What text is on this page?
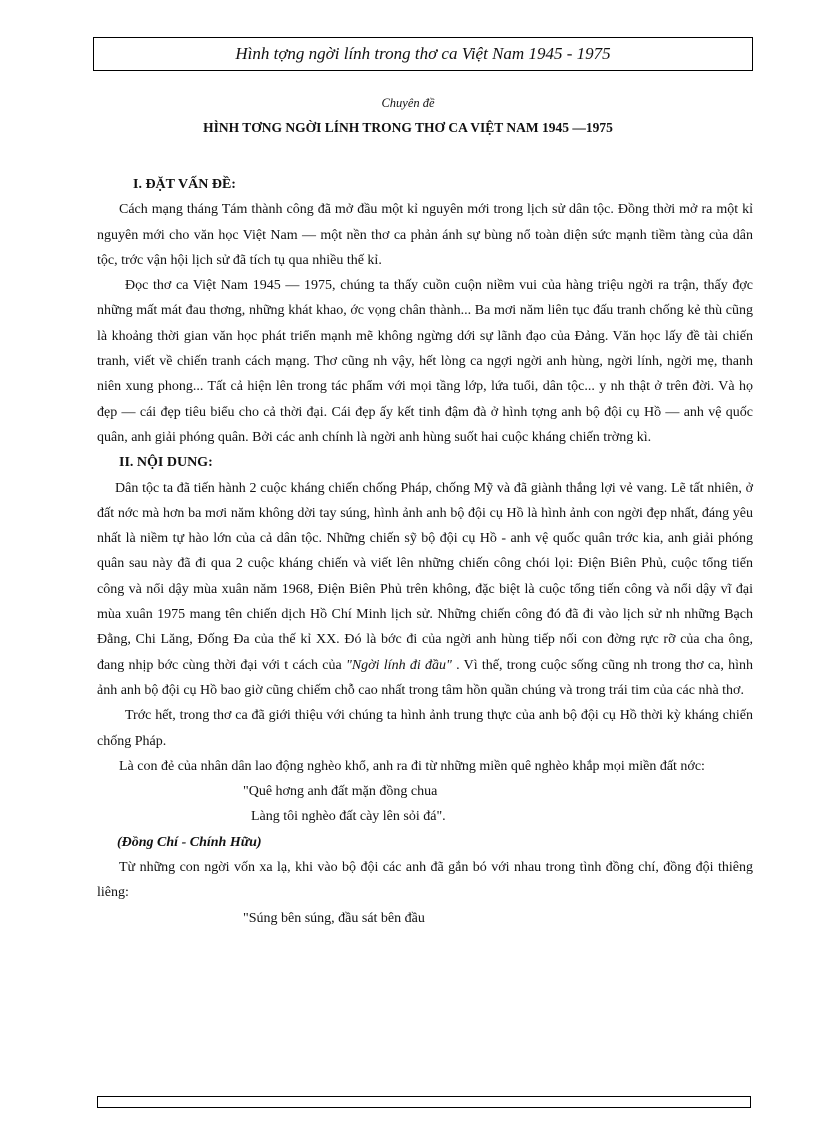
Hình tợng ngời lính trong thơ ca Việt Nam 1945 - 1975
Chuyên đề
HÌNH TƠNG NGỜI LÍNH TRONG THƠ CA VIỆT NAM 1945 —1975

I. ĐẶT VẤN ĐỀ:

Cách mạng tháng Tám thành công đã mở đầu một kỉ nguyên mới trong lịch sử dân tộc. Đồng thời mở ra một kỉ nguyên mới cho văn học Việt Nam — một nền thơ ca phản ánh sự bùng nổ toàn diện sức mạnh tiềm tàng của dân tộc, trớc vận hội lịch sử đã tích tụ qua nhiều thế kỉ.

Đọc thơ ca Việt Nam 1945 — 1975, chúng ta thấy cuồn cuộn niềm vui của hàng triệu ngời ra trận, thấy đợc những mất mát đau thơng, những khát khao, ớc vọng chân thành... Ba mơi năm liên tục đấu tranh chống kẻ thù cũng là khoảng thời gian văn học phát triển mạnh mẽ không ngừng dới sự lãnh đạo của Đảng. Văn học lấy đề tài chiến tranh, viết về chiến tranh cách mạng. Thơ cũng nh vậy, hết lòng ca ngợi ngời anh hùng, ngời lính, ngời mẹ, thanh niên xung phong... Tất cả hiện lên trong tác phẩm với mọi tầng lớp, lứa tuổi, dân tộc... y nh thật ở trên đời. Và họ đẹp — cái đẹp tiêu biểu cho cả thời đại. Cái đẹp ấy kết tinh đậm đà ở hình tợng anh bộ đội cụ Hồ — anh vệ quốc quân, anh giải phóng quân. Bởi các anh chính là ngời anh hùng suốt hai cuộc kháng chiến trờng kì.

II. NỘI DUNG:

Dân tộc ta đã tiến hành 2 cuộc kháng chiến chống Pháp, chống Mỹ và đã giành thắng lợi vẻ vang. Lẽ tất nhiên, ở đất nớc mà hơn ba mơi năm không dời tay súng, hình ảnh anh bộ đội cụ Hồ là hình ảnh con ngời đẹp nhất, đáng yêu nhất là niềm tự hào lớn của cả dân tộc. Những chiến sỹ bộ đội cụ Hồ - anh vệ quốc quân trớc kia, anh giải phóng quân sau này đã đi qua 2 cuộc kháng chiến và viết lên những chiến công chói lọi: Điện Biên Phủ, cuộc tổng tiến công và nổi dậy mùa xuân năm 1968, Điện Biên Phủ trên không, đặc biệt là cuộc tổng tiến công và nổi dậy vĩ đại mùa xuân 1975 mang tên chiến dịch Hồ Chí Minh lịch sử. Những chiến công đó đã đi vào lịch sử nh những Bạch Đằng, Chi Lăng, Đống Đa của thế kỉ XX. Đó là bớc đi của ngời anh hùng tiếp nối con đờng rực rỡ của cha ông, đang nhịp bớc cùng thời đại với t cách của "Ngời lính đi đầu" . Vì thế, trong cuộc sống cũng nh trong thơ ca, hình ảnh anh bộ đội cụ Hồ bao giờ cũng chiếm chỗ cao nhất trong tâm hồn quần chúng và trong trái tim của các nhà thơ.

Trớc hết, trong thơ ca đã giới thiệu với chúng ta hình ảnh trung thực của anh bộ đội cụ Hồ thời kỳ kháng chiến chống Pháp.

Là con đẻ của nhân dân lao động nghèo khổ, anh ra đi từ những miền quê nghèo khắp mọi miền đất nớc:

"Quê hơng anh đất mặn đồng chua

Làng tôi nghèo đất cày lên sỏi đá".

(Đồng Chí - Chính Hữu)

Từ những con ngời vốn xa lạ, khi vào bộ đội các anh đã gắn bó với nhau trong tình đồng chí, đồng đội thiêng liêng:

"Súng bên súng, đầu sát bên đầu
